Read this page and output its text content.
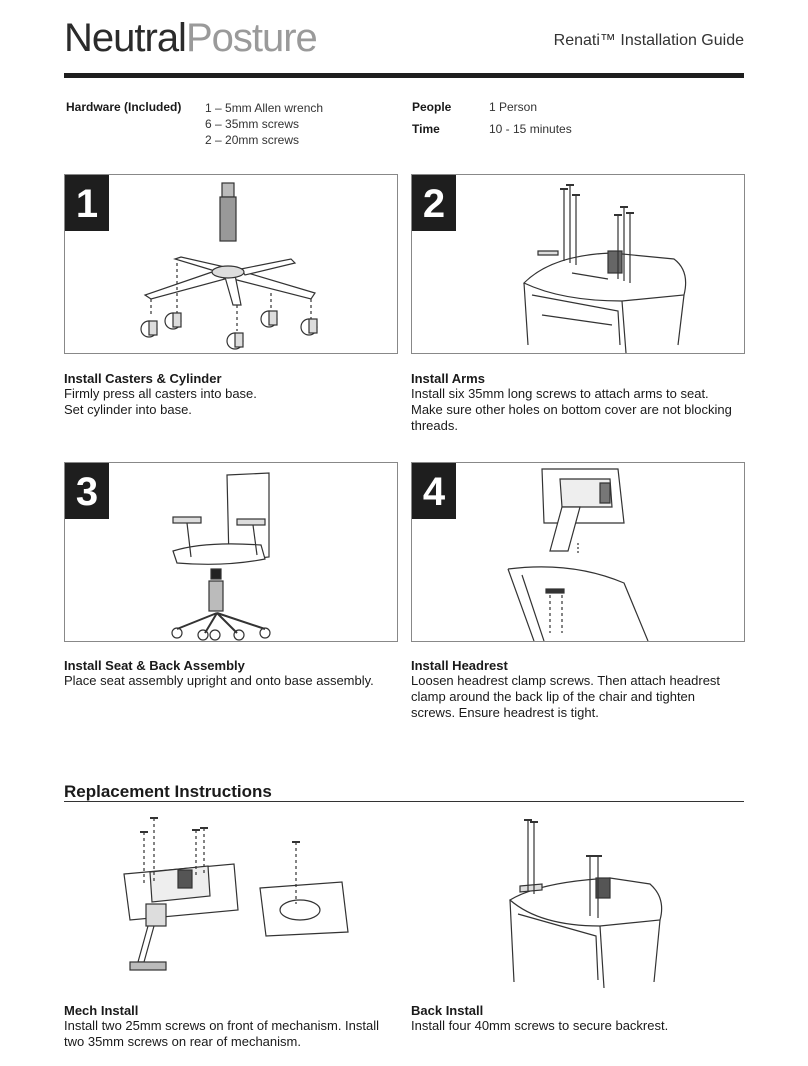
NeutralPosture	Renati™ Installation Guide
Hardware (Included) 1 – 5mm Allen wrench
6 – 35mm screws
2 – 20mm screws
People	1 Person
Time	10 - 15 minutes
1	2
Install Casters & Cylinder
Firmly press all casters into base.
Set cylinder into base.
Install Arms
Install six 35mm long screws to attach arms to seat.
Make sure other holes on bottom cover are not blocking
threads.
3	4
Install Seat & Back Assembly
Place seat assembly upright and onto base assembly.
Install Headrest
Loosen headrest clamp screws. Then attach headrest
clamp around the back lip of the chair and tighten
screws. Ensure headrest is tight.
Replacement Instructions
Mech Install
Install two 25mm screws on front of mechanism. Install
two 35mm screws on rear of mechanism.
Back Install
Install four 40mm screws to secure backrest.
